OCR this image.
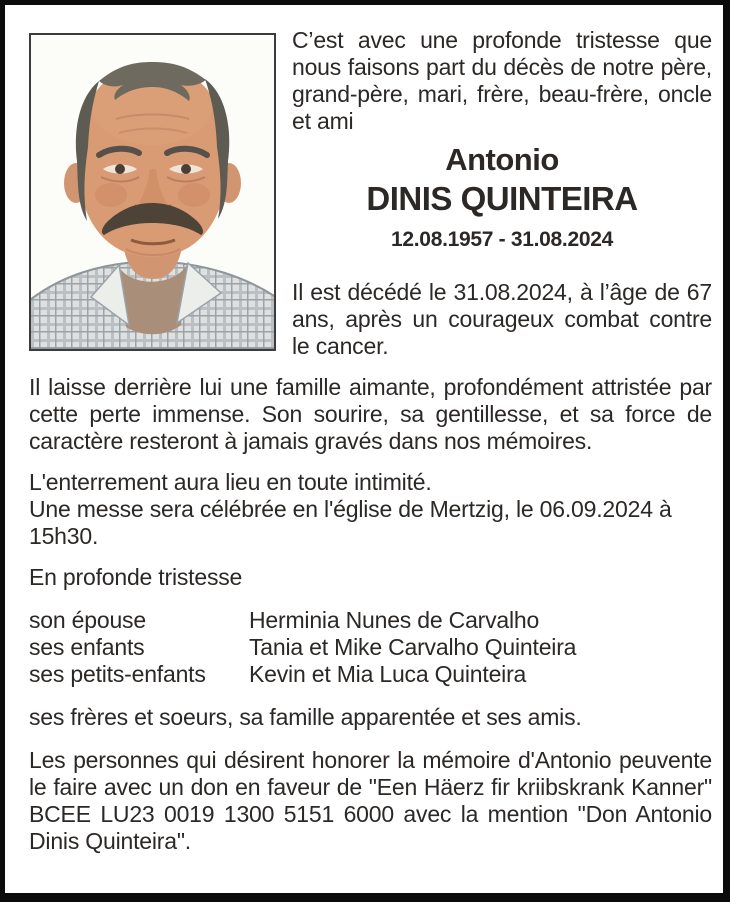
C’est avec une profonde tristesse que nous faisons part du décès de notre père, grand-père, mari, frère, beau-frère, oncle et ami

Antonio
DINIS QUINTEIRA
12.08.1957 - 31.08.2024

Il est décédé le 31.08.2024, à l’âge de 67 ans, après un courageux combat contre le cancer.

Il laisse derrière lui une famille aimante, profondément attristée par cette perte immense. Son sourire, sa gentillesse, et sa force de caractère resteront à jamais gravés dans nos mémoires.

L'enterrement aura lieu en toute intimité.
Une messe sera célébrée en l'église de Mertzig, le 06.09.2024 à 15h30.
En profonde tristesse
son épouse	Herminia Nunes de Carvalho
ses enfants	Tania et Mike Carvalho Quinteira
ses petits-enfants	Kevin et Mia Luca Quinteira
ses frères et soeurs, sa famille apparentée et ses amis.

Les personnes qui désirent honorer la mémoire d'Antonio peuvente le faire avec un don en faveur de "Een Häerz fir kriibskrank Kanner" BCEE LU23 0019 1300 5151 6000 avec la mention "Don Antonio Dinis Quinteira".
